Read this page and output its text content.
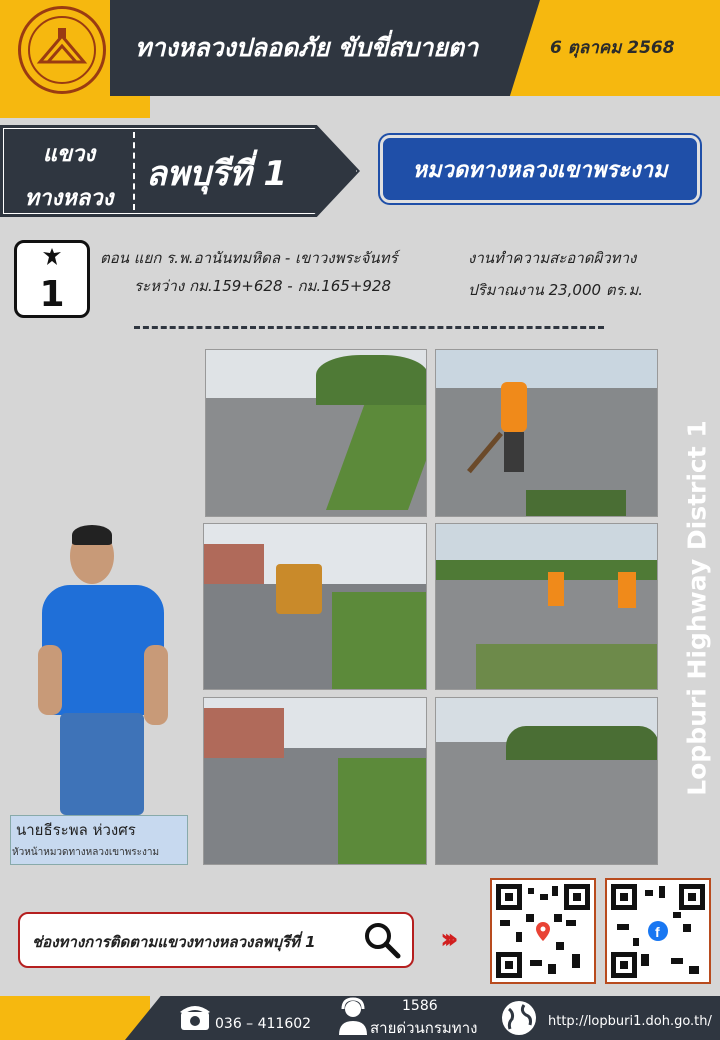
ทางหลวงปลอดภัย ขับขี่สบายตา	6 ตุลาคม 2568
แขวง
ทางหลวง
ลพบุรีที่ 1	หมวดทางหลวงเขาพระงาม
1
ตอน แยก ร.พ.อานันทมหิดล - เขาวงพระจันทร์
ระหว่าง กม.159+628 - กม.165+928
งานทำความสะอาดผิวทาง
ปริมาณงาน 23,000 ตร.ม.
นายธีระพล ห่วงศร
หัวหน้าหมวดทางหลวงเขาพระงาม
Lopburi Highway District 1
ช่องทางการติดตามแขวงทางหลวงลพบุรีที่ 1	›››	f
036 – 411602
1586
สายด่วนกรมทาง	http://lopburi1.doh.go.th/
